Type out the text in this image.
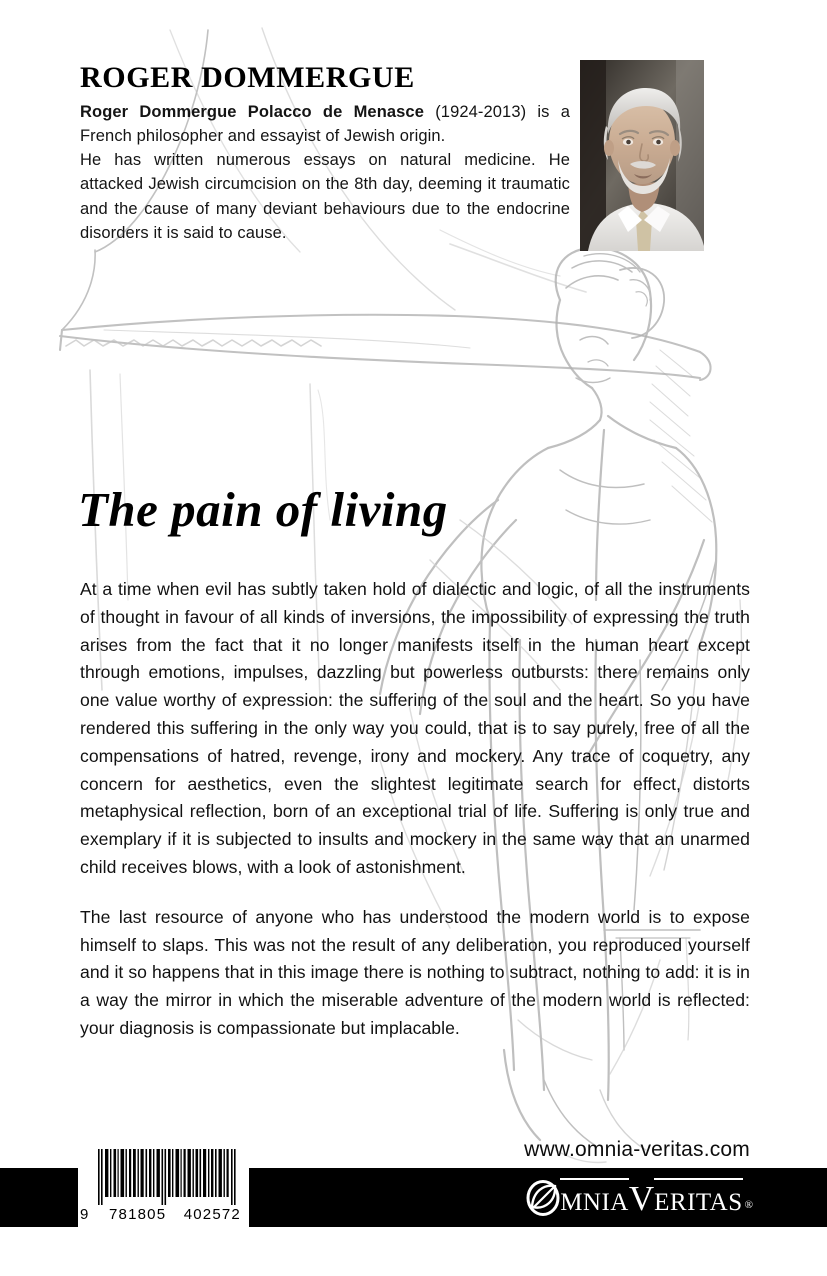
ROGER DOMMERGUE

Roger Dommergue Polacco de Menasce (1924-2013) is a French philosopher and essayist of Jewish origin.

He has written numerous essays on natural medicine. He attacked Jewish circumcision on the 8th day, deeming it traumatic and the cause of many deviant behaviours due to the endocrine disorders it is said to cause.

The pain of living

At a time when evil has subtly taken hold of dialectic and logic, of all the instruments of thought in favour of all kinds of inversions, the impossibility of expressing the truth arises from the fact that it no longer manifests itself in the human heart except through emotions, impulses, dazzling but powerless outbursts: there remains only one value worthy of expression: the suffering of the soul and the heart. So you have rendered this suffering in the only way you could, that is to say purely, free of all the compensations of hatred, revenge, irony and mockery. Any trace of coquetry, any concern for aesthetics, even the slightest legitimate search for effect, distorts metaphysical reflection, born of an exceptional trial of life. Suffering is only true and exemplary if it is subjected to insults and mockery in the same way that an unarmed child receives blows, with a look of astonishment.

The last resource of anyone who has understood the modern world is to expose himself to slaps. This was not the result of any deliberation, you reproduced yourself and it so happens that in this image there is nothing to subtract, nothing to add: it is in a way the mirror in which the miserable adventure of the modern world is reflected: your diagnosis is compassionate but implacable.

www.omnia-veritas.com
9 781805 402572	MNIAVERITAS ®
